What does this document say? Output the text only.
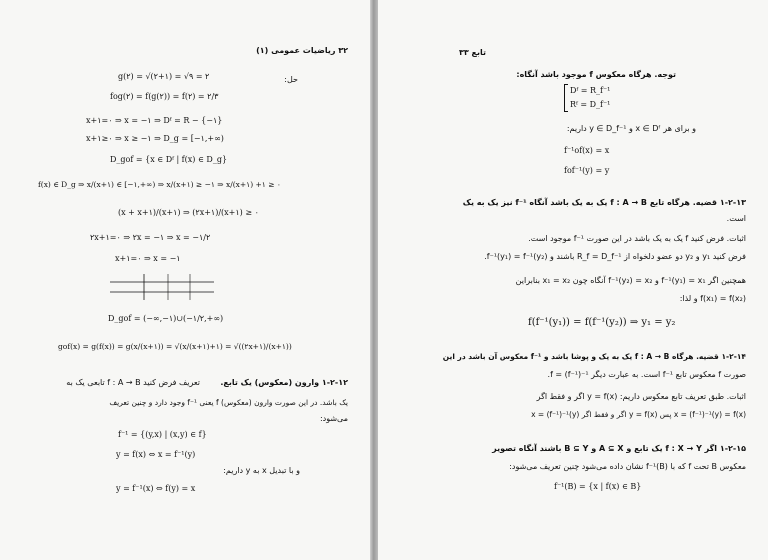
۳۲ ریاضیات عمومی (۱)
حل:
g(۲) = √(۲+۱) = √۹ = ۲
fog(۲) = f(g(۲)) = f(۲) = ۲/۳
x+۱=۰ ⇒ x = −۱ ⇒ Dᶠ = R − {−۱}
x+۱≥۰ ⇒ x ≥ −۱ ⇒ D_g = [−۱,+∞)
D_gof = {x ∈ Dᶠ | f(x) ∈ D_g}
f(x) ∈ D_g ⇒ x/(x+۱) ∈ [−۱,+∞) ⇒ x/(x+۱) ≥ −۱ ⇒ x/(x+۱) +۱ ≥ ۰
(x + x+۱)/(x+۱) ⇒ (۲x+۱)/(x+۱) ≥ ۰
۲x+۱=۰ ⇒ ۲x = −۱ ⇒ x = −۱/۲
x+۱=۰ ⇒ x = −۱
D_gof = (−∞,−۱)∪(−۱/۲,+∞)
gof(x) = g(f(x)) = g(x/(x+۱)) = √(x/(x+۱)+۱) = √((۲x+۱)/(x+۱))
۱-۲-۱۲ وارون (معکوس) یک تابع.
تعریف فرض کنید f : A → B تابعی یک به
یک باشد. در این صورت وارون (معکوس) f یعنی f⁻¹ وجود دارد و چنین تعریف
می‌شود:
f⁻¹ = {(y,x) | (x,y) ∈ f}
y = f(x) ⇔ x = f⁻¹(y)
و با تبدیل x به y داریم:
y = f⁻¹(x) ⇔ f(y) = x
تابع ۳۳
توجه. هرگاه معکوس f موجود باشد آنگاه:
Dᶠ = R_f⁻¹
Rᶠ = D_f⁻¹
و برای هر x ∈ Dᶠ و y ∈ D_f⁻¹ داریم:
f⁻¹of(x) = x
fof⁻¹(y) = y
۱-۲-۱۳ قضیه. هرگاه تابع f : A → B یک به یک باشد آنگاه f⁻¹ نیز یک به یک
است.
اثبات. فرض کنید f یک به یک باشد در این صورت f⁻¹ موجود است.
فرض کنید y₁ و y₂ دو عضو دلخواه از R_f = D_f⁻¹ باشند و f⁻¹(y₁) = f⁻¹(y₂).
همچنین اگر f⁻¹(y₁) = x₁ و f⁻¹(y₂) = x₂ آنگاه چون x₁ = x₂ بنابراین
f(x₁) = f(x₂) و لذا:
f(f⁻¹(y₁)) = f(f⁻¹(y₂)) ⇒ y₁ = y₂
۱-۲-۱۴ قضیه. هرگاه f : A → B یک به یک و پوشا باشد و f⁻¹ معکوس آن باشد در این
صورت f معکوس تابع f⁻¹ است. به عبارت دیگر f = (f⁻¹)⁻¹.
اثبات. طبق تعریف تابع معکوس داریم: y = f(x) اگر و فقط اگر
x = (f⁻¹)⁻¹(y) = f(x) پس y = f(x) اگر و فقط اگر x = (f⁻¹)⁻¹(y)
۱-۲-۱۵ اگر f : X → Y یک تابع و A ⊆ X و B ⊆ Y باشند آنگاه تصویر
معکوس B تحت f که با f⁻¹(B) نشان داده می‌شود چنین تعریف می‌شود:
f⁻¹(B) = {x | f(x) ∈ B}
